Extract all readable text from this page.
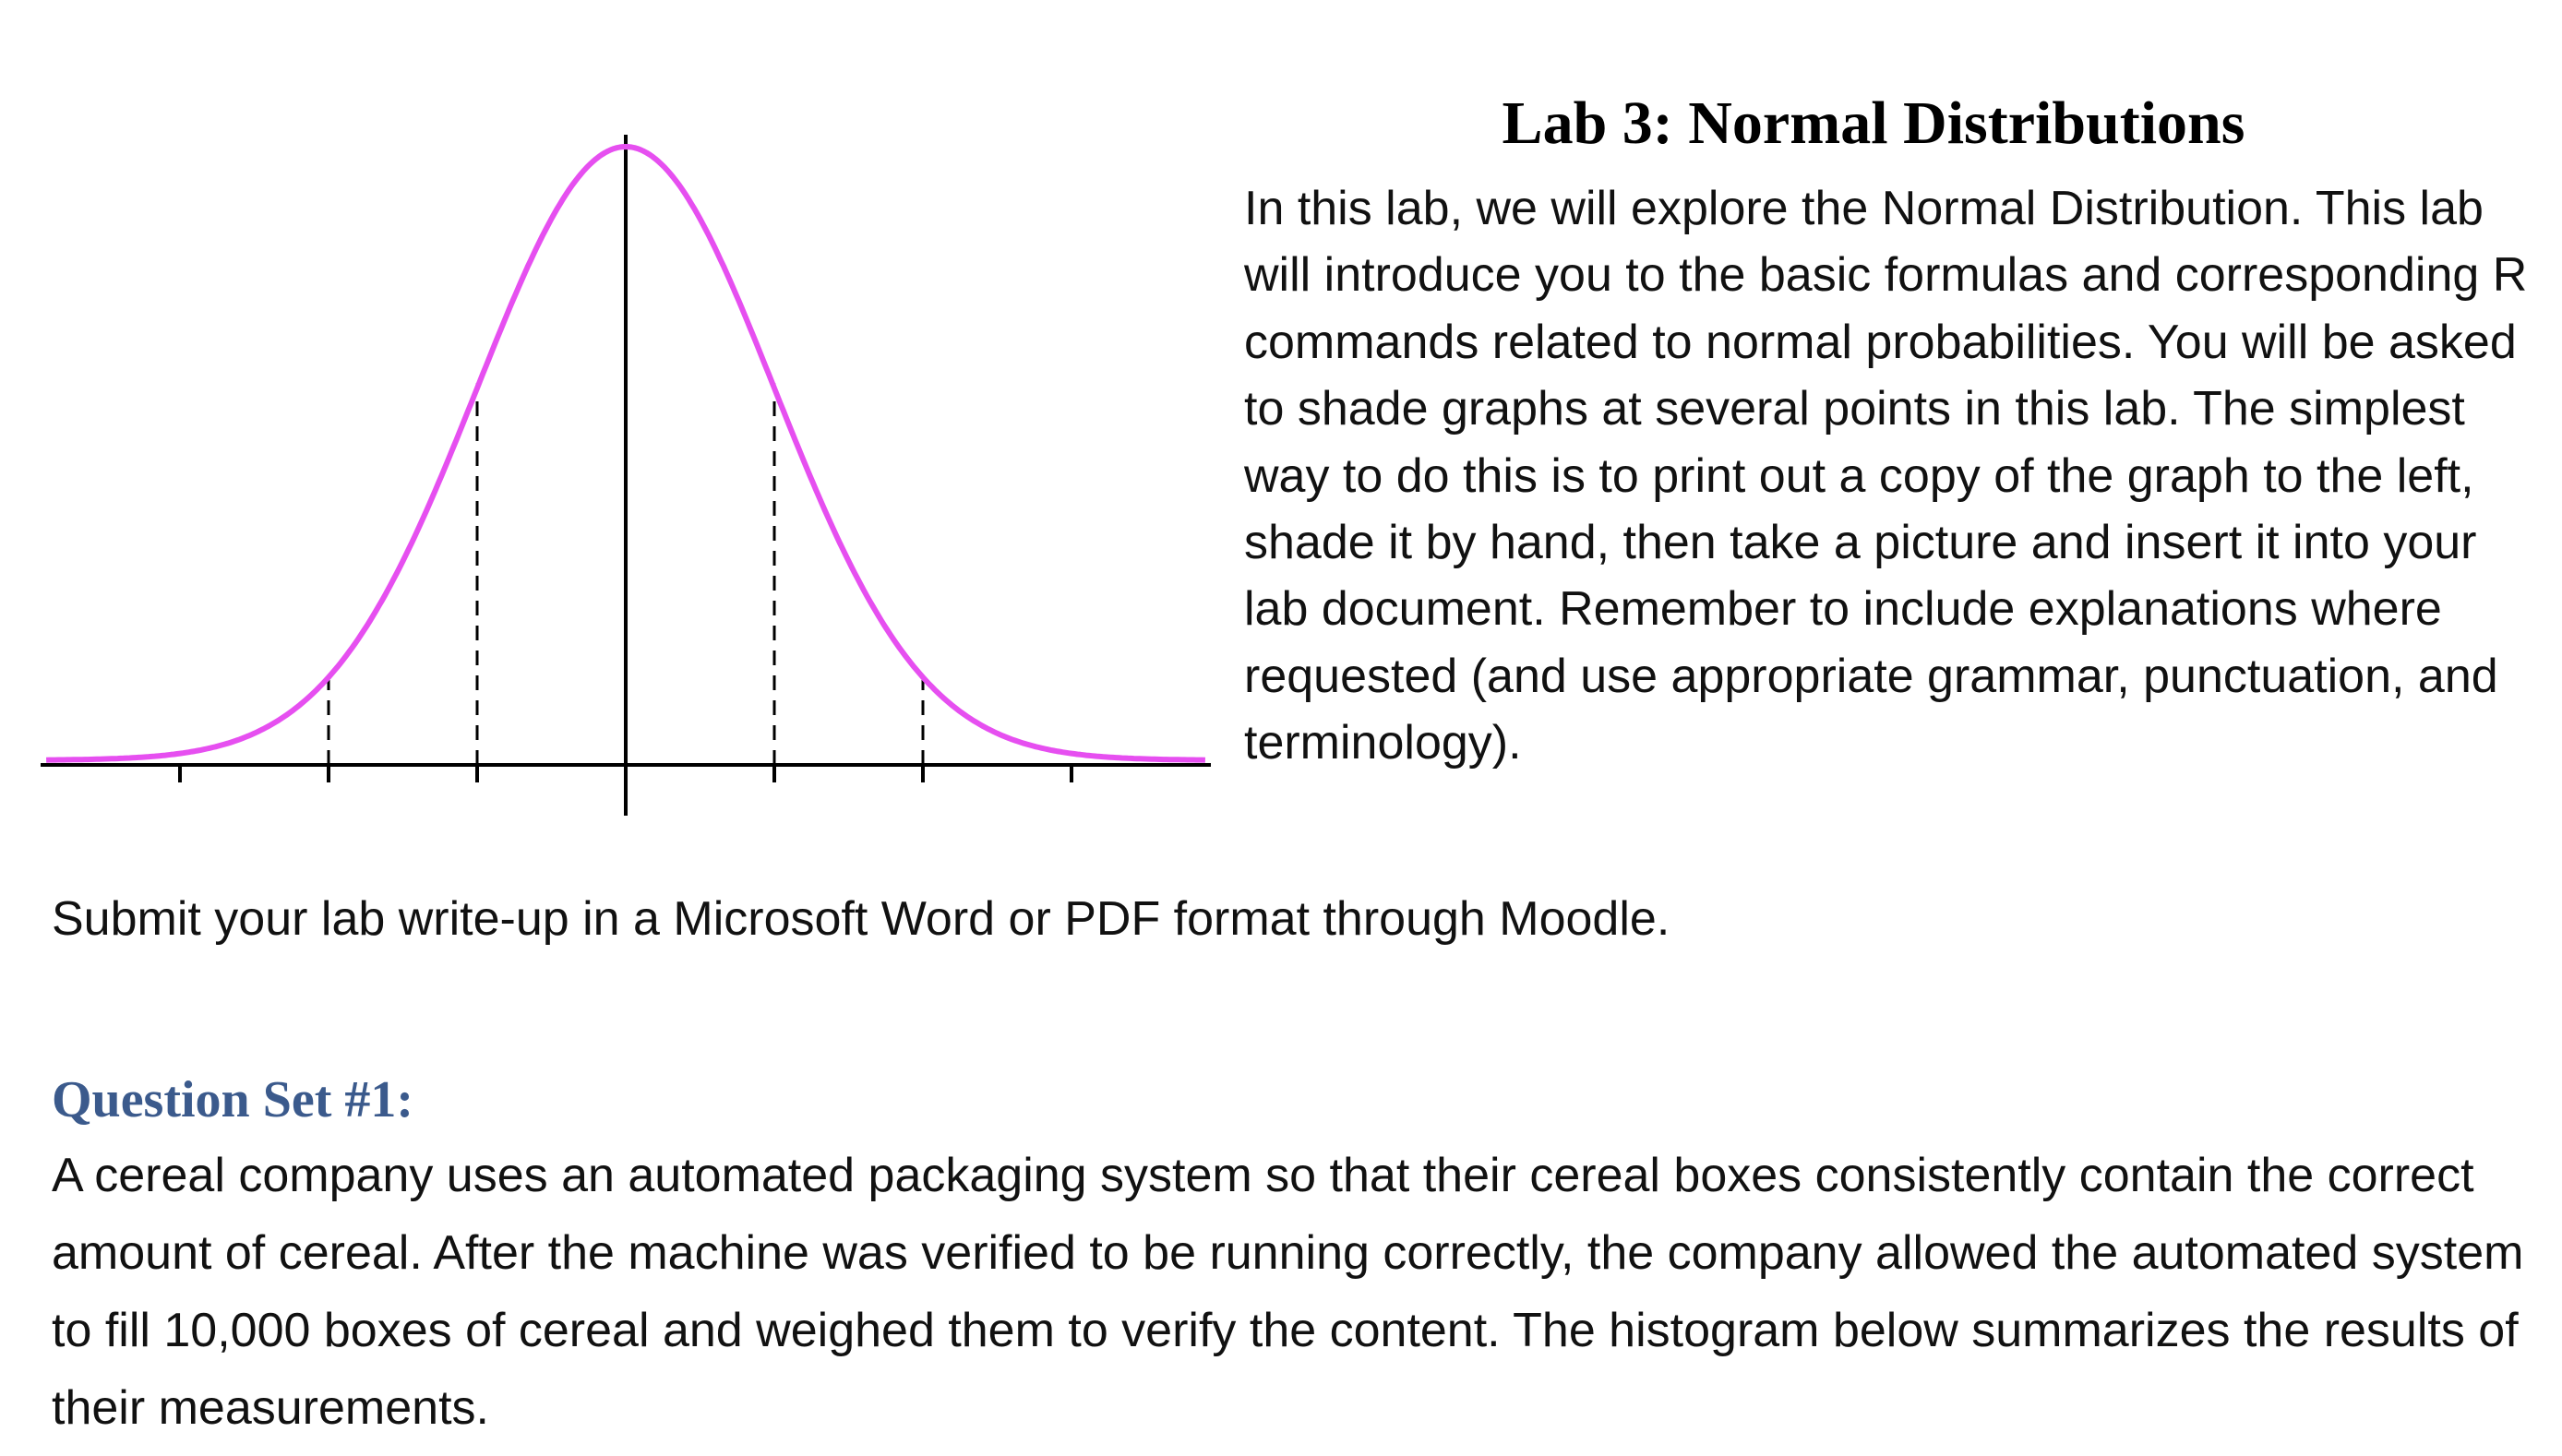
Lab 3: Normal Distributions

In this lab, we will explore the Normal Distribution. This lab will introduce you to the basic formulas and corresponding R commands related to normal probabilities. You will be asked to shade graphs at several points in this lab. The simplest way to do this is to print out a copy of the graph to the left, shade it by hand, then take a picture and insert it into your lab document. Remember to include explanations where requested (and use appropriate grammar, punctuation, and terminology).

Submit your lab write-up in a Microsoft Word or PDF format through Moodle.

Question Set #1:

A cereal company uses an automated packaging system so that their cereal boxes consistently contain the correct amount of cereal. After the machine was verified to be running correctly, the company allowed the automated system to fill 10,000 boxes of cereal and weighed them to verify the content. The histogram below summarizes the results of their measurements.
